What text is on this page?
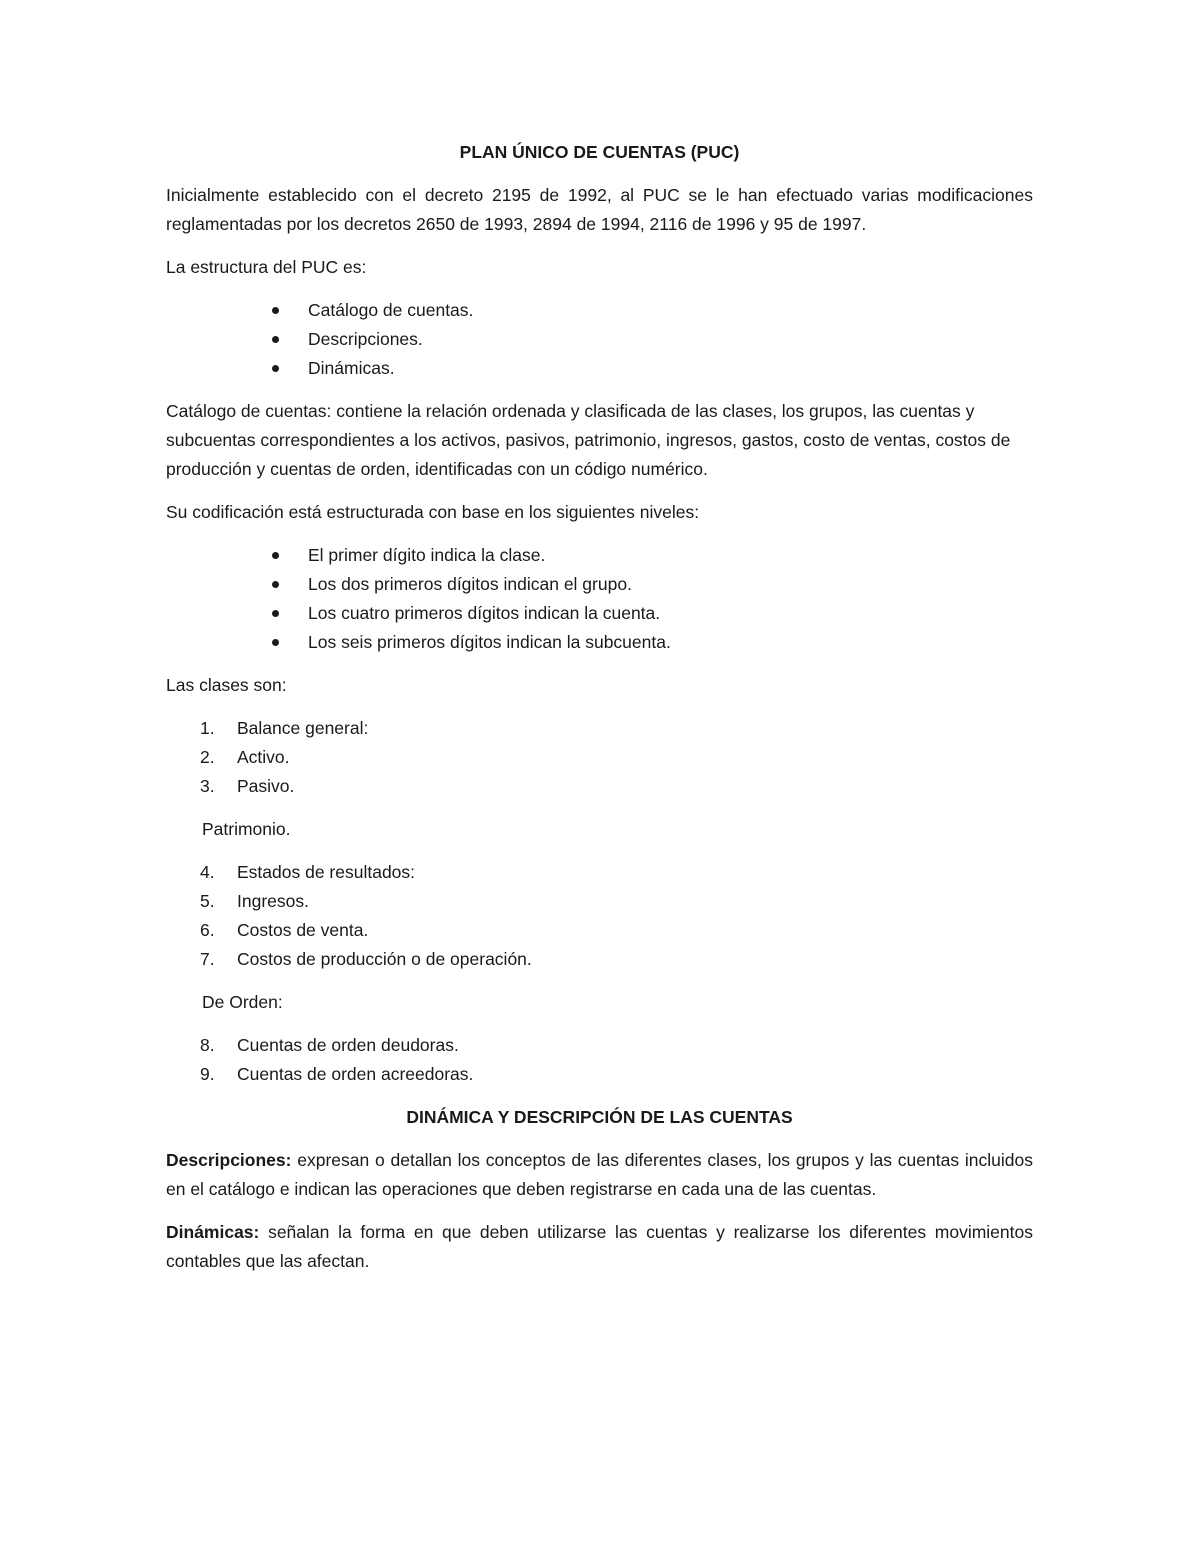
PLAN ÚNICO DE CUENTAS (PUC)
Inicialmente establecido con el decreto 2195 de 1992, al PUC se le han efectuado varias modificaciones reglamentadas por los decretos 2650 de 1993, 2894 de 1994, 2116 de 1996 y 95 de 1997.
La estructura del PUC es:
Catálogo de cuentas.
Descripciones.
Dinámicas.
Catálogo de cuentas: contiene la relación ordenada y clasificada de las clases, los grupos, las cuentas y subcuentas correspondientes a los activos, pasivos, patrimonio, ingresos, gastos, costo de ventas, costos de producción y cuentas de orden, identificadas con un código numérico.
Su codificación está estructurada con base en los siguientes niveles:
El primer dígito indica la clase.
Los dos primeros dígitos indican el grupo.
Los cuatro primeros dígitos indican la cuenta.
Los seis primeros dígitos indican la subcuenta.
Las clases son:
1. Balance general:
2. Activo.
3. Pasivo.
Patrimonio.
4. Estados de resultados:
5. Ingresos.
6. Costos de venta.
7. Costos de producción o de operación.
De Orden:
8. Cuentas de orden deudoras.
9. Cuentas de orden acreedoras.
DINÁMICA Y DESCRIPCIÓN DE LAS CUENTAS
Descripciones: expresan o detallan los conceptos de las diferentes clases, los grupos y las cuentas incluidos en el catálogo e indican las operaciones que deben registrarse en cada una de las cuentas.
Dinámicas: señalan la forma en que deben utilizarse las cuentas y realizarse los diferentes movimientos contables que las afectan.
